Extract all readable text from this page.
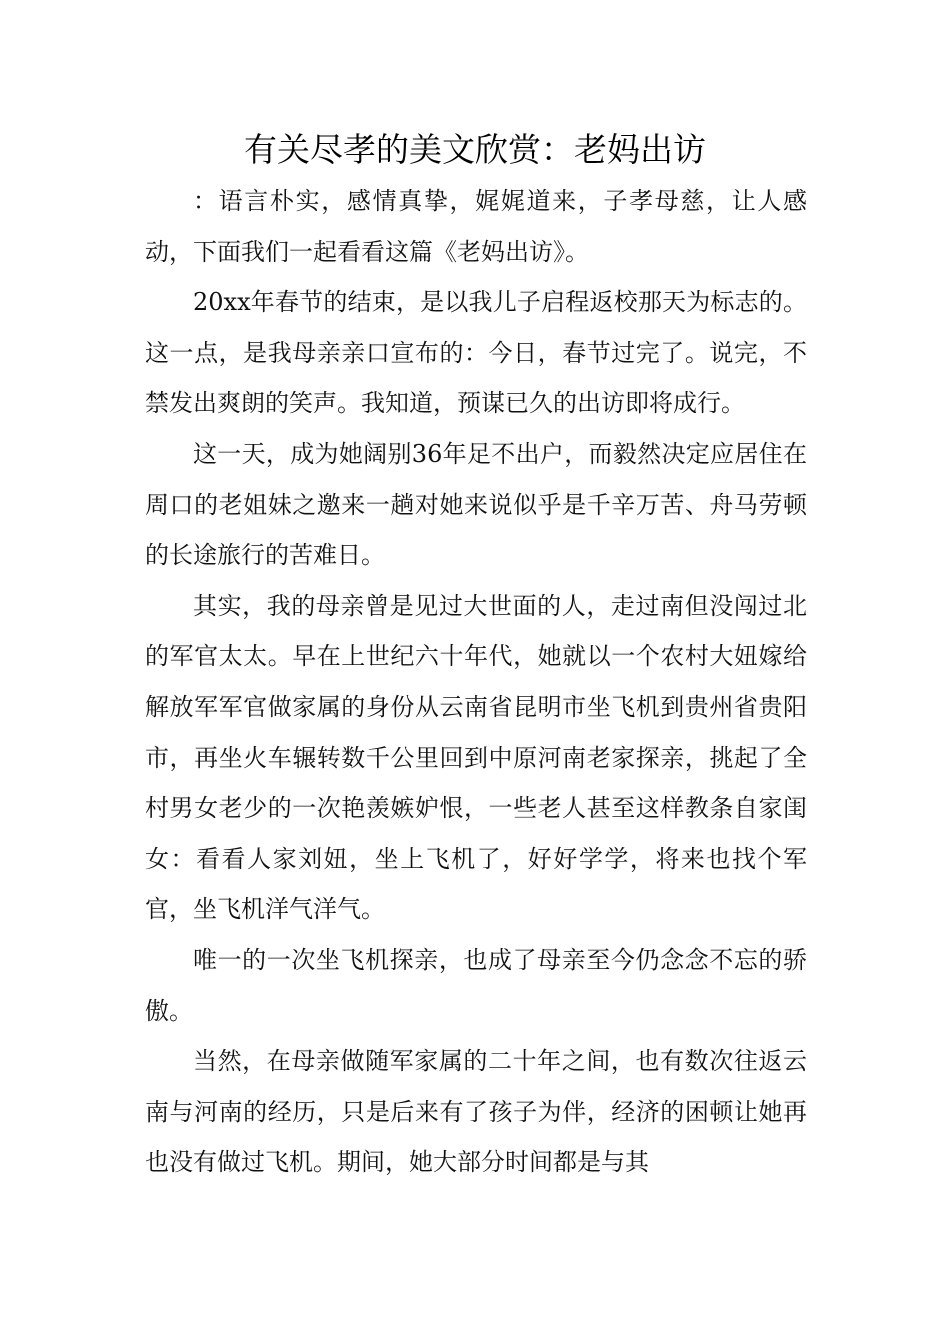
有关尽孝的美文欣赏：老妈出访

：语言朴实，感情真挚，娓娓道来，子孝母慈，让人感动，下面我们一起看看这篇《老妈出访》。

20xx年春节的结束，是以我儿子启程返校那天为标志的。这一点，是我母亲亲口宣布的：今日，春节过完了。说完，不禁发出爽朗的笑声。我知道，预谋已久的出访即将成行。

这一天，成为她阔别36年足不出户，而毅然决定应居住在周口的老姐妹之邀来一趟对她来说似乎是千辛万苦、舟马劳顿的长途旅行的苦难日。

其实，我的母亲曾是见过大世面的人，走过南但没闯过北的军官太太。早在上世纪六十年代，她就以一个农村大妞嫁给解放军军官做家属的身份从云南省昆明市坐飞机到贵州省贵阳市，再坐火车辗转数千公里回到中原河南老家探亲，挑起了全村男女老少的一次艳羡嫉妒恨，一些老人甚至这样教条自家闺女：看看人家刘妞，坐上飞机了，好好学学，将来也找个军官，坐飞机洋气洋气。

唯一的一次坐飞机探亲，也成了母亲至今仍念念不忘的骄傲。

当然，在母亲做随军家属的二十年之间，也有数次往返云南与河南的经历，只是后来有了孩子为伴，经济的困顿让她再也没有做过飞机。期间，她大部分时间都是与其
